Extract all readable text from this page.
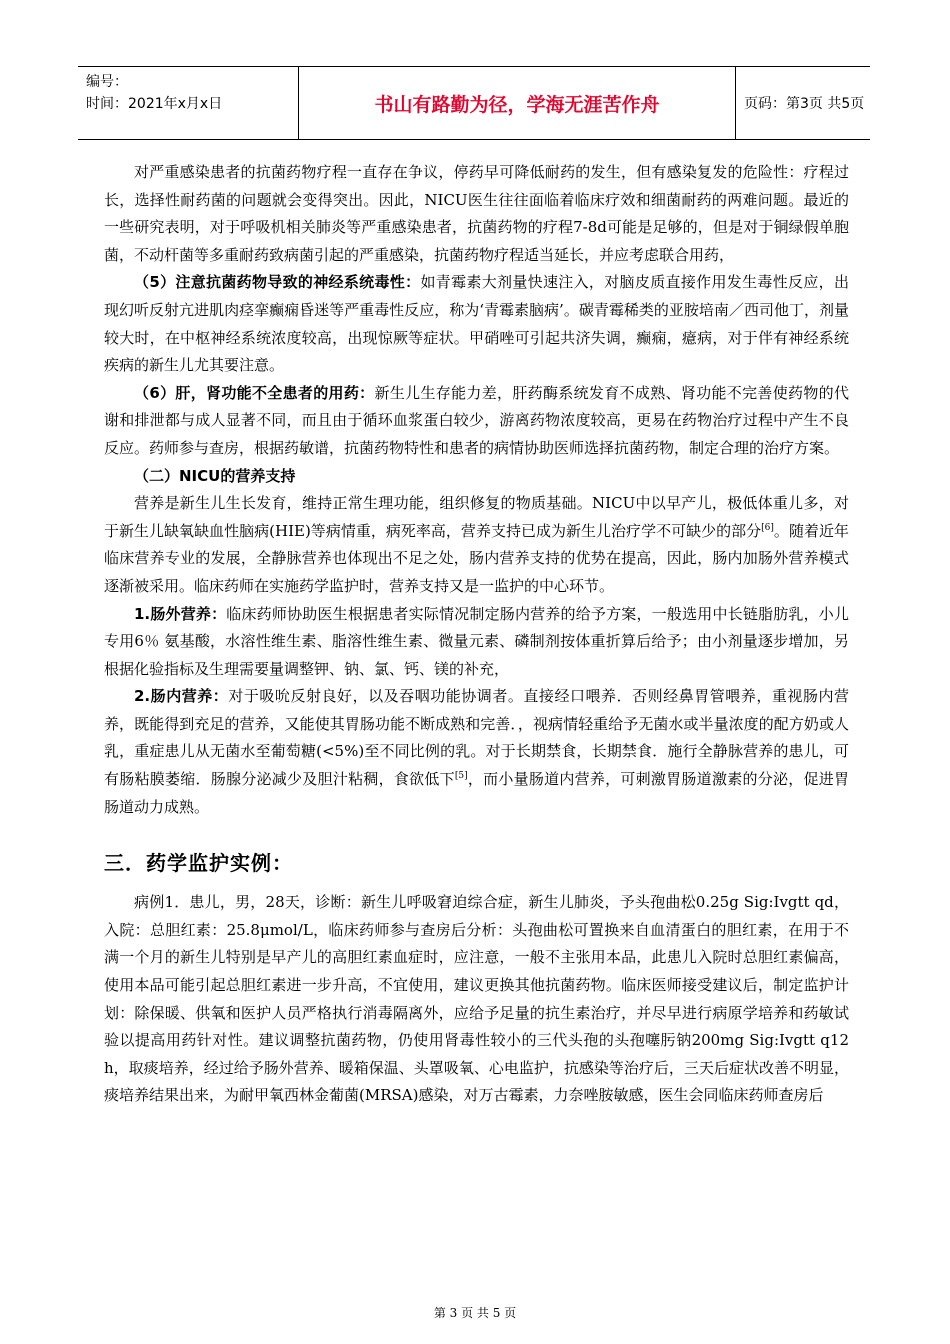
编号：
时间：2021年x月x日	书山有路勤为径，学海无涯苦作舟	页码：第3页 共5页

对严重感染患者的抗菌药物疗程一直存在争议，停药早可降低耐药的发生，但有感染复发的危险性：疗程过长，选择性耐药菌的问题就会变得突出。因此，NICU医生往往面临着临床疗效和细菌耐药的两难问题。最近的一些研究表明，对于呼吸机相关肺炎等严重感染患者，抗菌药物的疗程7-8d可能是足够的，但是对于铜绿假单胞菌，不动杆菌等多重耐药致病菌引起的严重感染，抗菌药物疗程适当延长，并应考虑联合用药，

（5）注意抗菌药物导致的神经系统毒性：如青霉素大剂量快速注入，对脑皮质直接作用发生毒性反应，出现幻听反射亢进肌肉痉挛癫痫昏迷等严重毒性反应，称为‘青霉素脑病’。碳青霉稀类的亚胺培南／西司他丁，剂量较大时，在中枢神经系统浓度较高，出现惊厥等症状。甲硝唑可引起共济失调，癫痫，癔病，对于伴有神经系统疾病的新生儿尤其要注意。

（6）肝，肾功能不全患者的用药：新生儿生存能力差，肝药酶系统发育不成熟、肾功能不完善使药物的代谢和排泄都与成人显著不同，而且由于循环血浆蛋白较少，游离药物浓度较高，更易在药物治疗过程中产生不良反应。药师参与查房，根据药敏谱，抗菌药物特性和患者的病情协助医师选择抗菌药物，制定合理的治疗方案。

（二）NICU的营养支持

营养是新生儿生长发育，维持正常生理功能，组织修复的物质基础。NICU中以早产儿，极低体重儿多，对于新生儿缺氧缺血性脑病(HIE)等病情重，病死率高，营养支持已成为新生儿治疗学不可缺少的部分[6]。随着近年临床营养专业的发展，全静脉营养也体现出不足之处，肠内营养支持的优势在提高，因此，肠内加肠外营养模式逐渐被采用。临床药师在实施药学监护时，营养支持又是一监护的中心环节。

1.肠外营养：临床药师协助医生根据患者实际情况制定肠内营养的给予方案，一般选用中长链脂肪乳，小儿专用6％ 氨基酸，水溶性维生素、脂溶性维生素、微量元素、磷制剂按体重折算后给予；由小剂量逐步增加，另根据化验指标及生理需要量调整钾、钠、氯、钙、镁的补充，

2.肠内营养：对于吸吮反射良好，以及吞咽功能协调者。直接经口喂养．否则经鼻胃管喂养，重视肠内营养，既能得到充足的营养，又能使其胃肠功能不断成熟和完善．，视病情轻重给予无菌水或半量浓度的配方奶或人乳，重症患儿从无菌水至葡萄糖(<5%)至不同比例的乳。对于长期禁食，长期禁食．施行全静脉营养的患儿，可有肠粘膜萎缩．肠腺分泌减少及胆汁粘稠，食欲低下[5]，而小量肠道内营养，可刺激胃肠道激素的分泌，促进胃肠道动力成熟。

三．药学监护实例：

病例1．患儿，男，28天，诊断：新生儿呼吸窘迫综合症，新生儿肺炎，予头孢曲松0.25g Sig:Ivgtt qd，入院：总胆红素：25.8μmol/L，临床药师参与查房后分析：头孢曲松可置换来自血清蛋白的胆红素，在用于不满一个月的新生儿特别是早产儿的高胆红素血症时，应注意，一般不主张用本品，此患儿入院时总胆红素偏高，使用本品可能引起总胆红素进一步升高，不宜使用，建议更换其他抗菌药物。临床医师接受建议后，制定监护计划：除保暖、供氧和医护人员严格执行消毒隔离外，应给予足量的抗生素治疗，并尽早进行病原学培养和药敏试验以提高用药针对性。建议调整抗菌药物，仍使用肾毒性较小的三代头孢的头孢噻肟钠200mg Sig:Ivgtt q12h，取痰培养，经过给予肠外营养、暖箱保温、头罩吸氧、心电监护，抗感染等治疗后，三天后症状改善不明显，痰培养结果出来，为耐甲氧西林金葡菌(MRSA)感染，对万古霉素，力奈唑胺敏感，医生会同临床药师查房后

第 3 页 共 5 页
